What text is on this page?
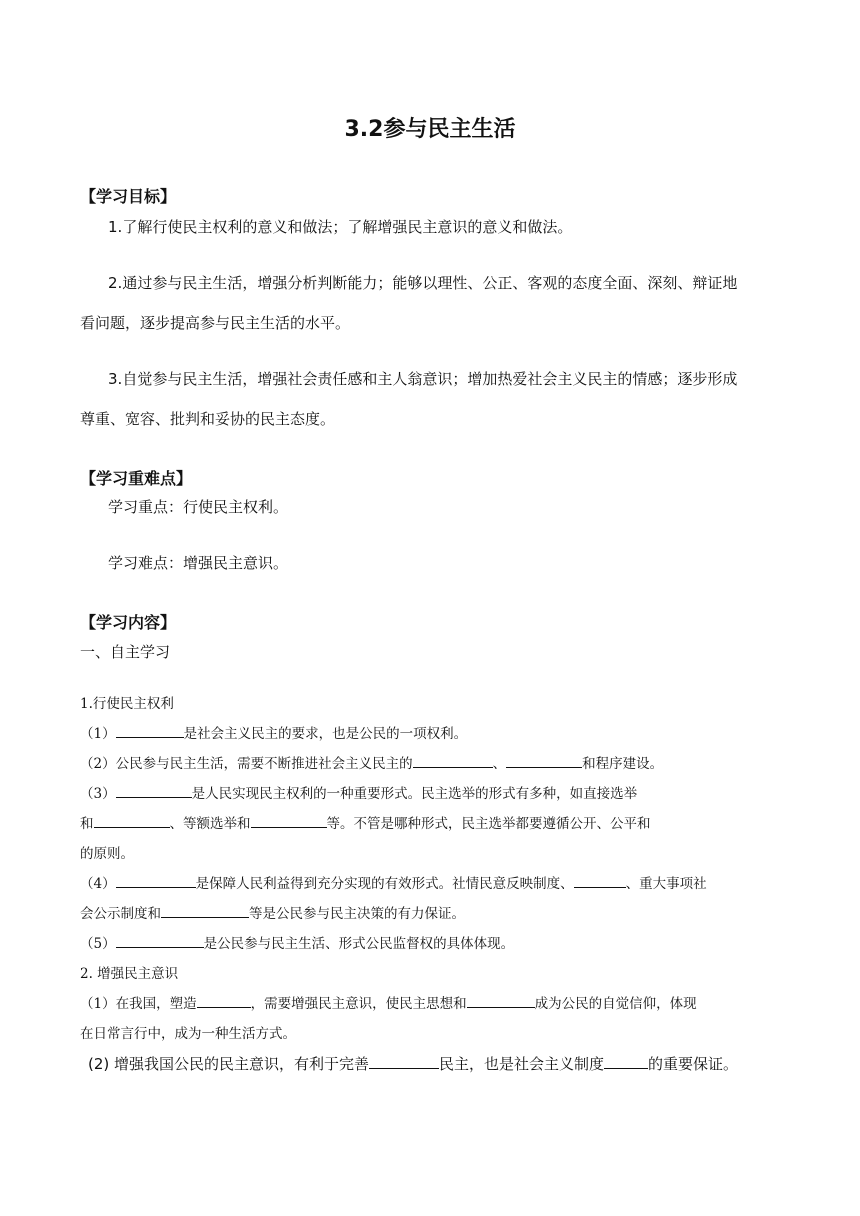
3.2参与民主生活
【学习目标】
1.了解行使民主权利的意义和做法；了解增强民主意识的意义和做法。
2.通过参与民主生活，增强分析判断能力；能够以理性、公正、客观的态度全面、深刻、辩证地
看问题，逐步提高参与民主生活的水平。
3.自觉参与民主生活，增强社会责任感和主人翁意识；增加热爱社会主义民主的情感；逐步形成
尊重、宽容、批判和妥协的民主态度。
【学习重难点】
学习重点：行使民主权利。
学习难点：增强民主意识。
【学习内容】
一、自主学习
1.行使民主权利
（1）	是社会主义民主的要求，也是公民的一项权利。
（2）公民参与民主生活，需要不断推进社会主义民主的	、	和程序建设。
（3）	是人民实现民主权利的一种重要形式。民主选举的形式有多种，如直接选举
和	、等额选举和	等。不管是哪种形式，民主选举都要遵循公开、公平和
的原则。
（4）	是保障人民利益得到充分实现的有效形式。社情民意反映制度、	、重大事项社
会公示制度和	等是公民参与民主决策的有力保证。
（5）	是公民参与民主生活、形式公民监督权的具体体现。
2. 增强民主意识
（1）在我国，塑造	，需要增强民主意识，使民主思想和	成为公民的自觉信仰，体现
在日常言行中，成为一种生活方式。
(2) 增强我国公民的民主意识，有利于完善	民主，也是社会主义制度	的重要保证。
